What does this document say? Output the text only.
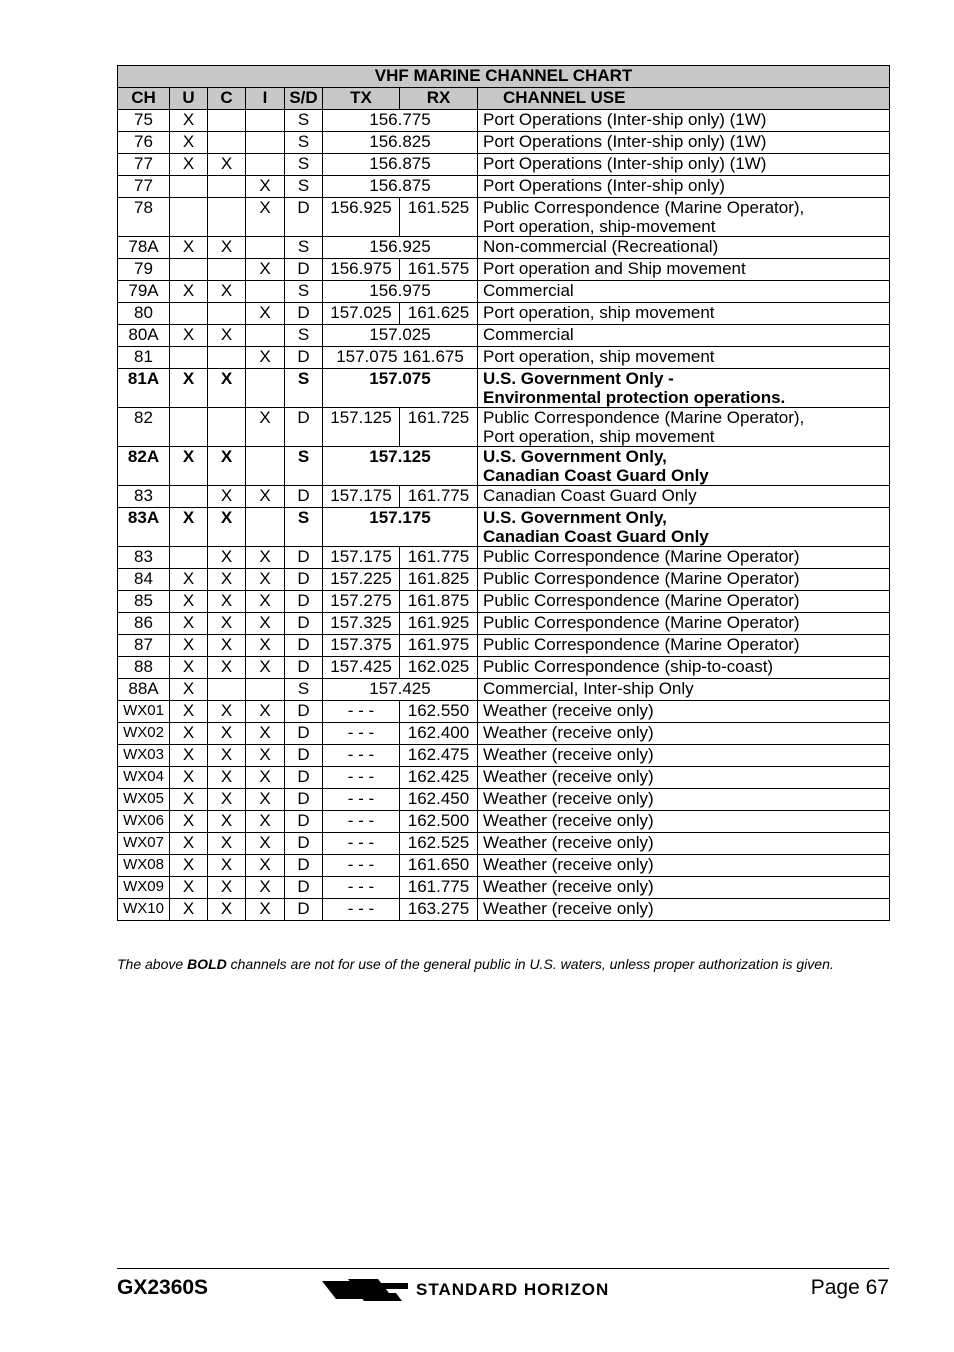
VHF MARINE CHANNEL CHART							
CH	U	C	I	S/D	TX	RX	CHANNEL USE
75	X			S	156.775		Port Operations (Inter-ship only) (1W)

76	X			S	156.825		Port Operations (Inter-ship only) (1W)

77	X	X		S	156.875		Port Operations (Inter-ship only) (1W)

77			X	S	156.875		Port Operations (Inter-ship only)

78			X	D	156.925	161.525	Public Correspondence (Marine Operator),
Port operation, ship-movement

78A	X	X		S	156.925		Non-commercial (Recreational)

79			X	D	156.975	161.575	Port operation and Ship movement

79A	X	X		S	156.975		Commercial

80			X	D	157.025	161.625	Port operation, ship movement

80A	X	X		S	157.025		Commercial

81			X	D	157.075 161.675		Port operation, ship movement

81A	X	X		S	157.075		U.S. Government Only -
Environmental protection operations.

82			X	D	157.125	161.725	Public Correspondence (Marine Operator),
Port operation, ship movement

82A	X	X		S	157.125		U.S. Government Only,
Canadian Coast Guard Only

83		X	X	D	157.175	161.775	Canadian Coast Guard Only

83A	X	X		S	157.175		U.S. Government Only,
Canadian Coast Guard Only

83		X	X	D	157.175	161.775	Public Correspondence (Marine Operator)

84	X	X	X	D	157.225	161.825	Public Correspondence (Marine Operator)

85	X	X	X	D	157.275	161.875	Public Correspondence (Marine Operator)

86	X	X	X	D	157.325	161.925	Public Correspondence (Marine Operator)

87	X	X	X	D	157.375	161.975	Public Correspondence (Marine Operator)

88	X	X	X	D	157.425	162.025	Public Correspondence (ship-to-coast)

88A	X			S	157.425		Commercial, Inter-ship Only

WX01	X	X	X	D	- - -	162.550	Weather (receive only)

WX02	X	X	X	D	- - -	162.400	Weather (receive only)

WX03	X	X	X	D	- - -	162.475	Weather (receive only)

WX04	X	X	X	D	- - -	162.425	Weather (receive only)

WX05	X	X	X	D	- - -	162.450	Weather (receive only)

WX06	X	X	X	D	- - -	162.500	Weather (receive only)

WX07	X	X	X	D	- - -	162.525	Weather (receive only)

WX08	X	X	X	D	- - -	161.650	Weather (receive only)

WX09	X	X	X	D	- - -	161.775	Weather (receive only)

WX10	X	X	X	D	- - -	163.275	Weather (receive only)
The above BOLD channels are not for use of the general public in U.S. waters, unless proper authorization is given.
GX2360S	STANDARD HORIZON	Page 67
